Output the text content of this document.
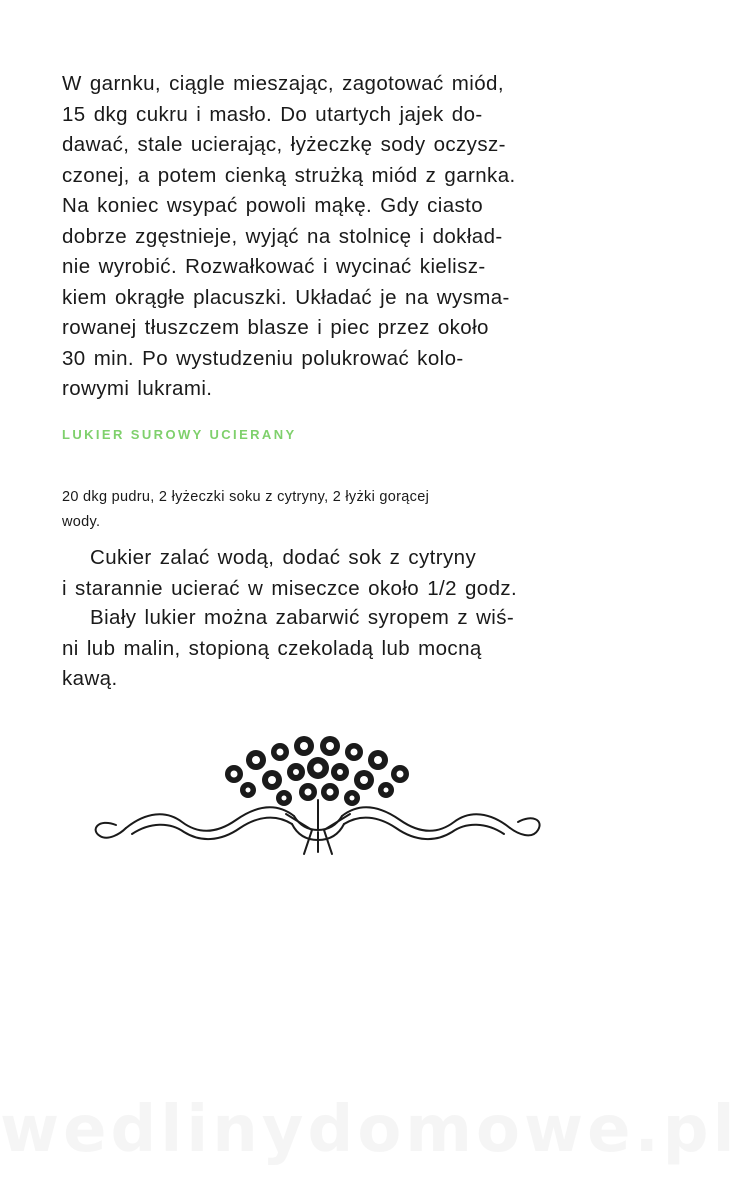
W garnku, ciągle mieszając, zagotować miód,
15 dkg cukru i masło. Do utartych jajek do-
dawać, stale ucierając, łyżeczkę sody oczysz-
czonej, a potem cienką strużką miód z garnka.
Na koniec wsypać powoli mąkę. Gdy ciasto
dobrze zgęstnieje, wyjąć na stolnicę i dokład-
nie wyrobić. Rozwałkować i wycinać kielisz-
kiem okrągłe placuszki. Układać je na wysma-
rowanej tłuszczem blasze i piec przez około
30 min. Po wystudzeniu polukrować kolo-
rowymi lukrami.
LUKIER SUROWY UCIERANY
20 dkg pudru, 2 łyżeczki soku z cytryny, 2 łyżki gorącej
wody.
Cukier zalać wodą, dodać sok z cytryny
i starannie ucierać w miseczce około 1/2 godz.
Biały lukier można zabarwić syropem z wiś-
ni lub malin, stopioną czekoladą lub mocną
kawą.
wedlinydomowe.pl
